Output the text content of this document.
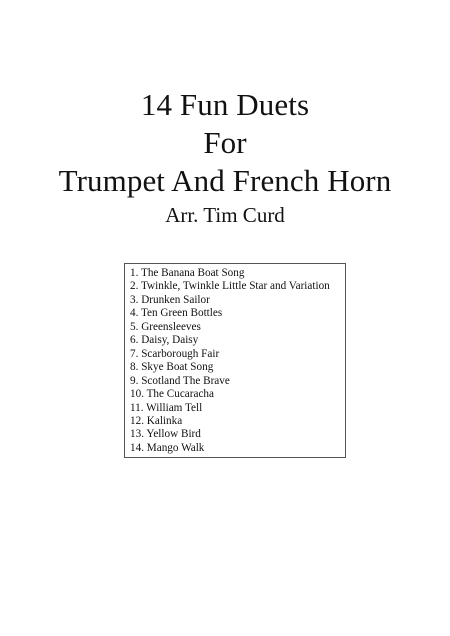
14 Fun Duets
For
Trumpet And French Horn
Arr. Tim Curd
1. The Banana Boat Song
2. Twinkle, Twinkle Little Star and Variation
3. Drunken Sailor
4. Ten Green Bottles
5. Greensleeves
6. Daisy, Daisy
7. Scarborough Fair
8. Skye Boat Song
9. Scotland The Brave
10. The Cucaracha
11. William Tell
12. Kalinka
13. Yellow Bird
14. Mango Walk
